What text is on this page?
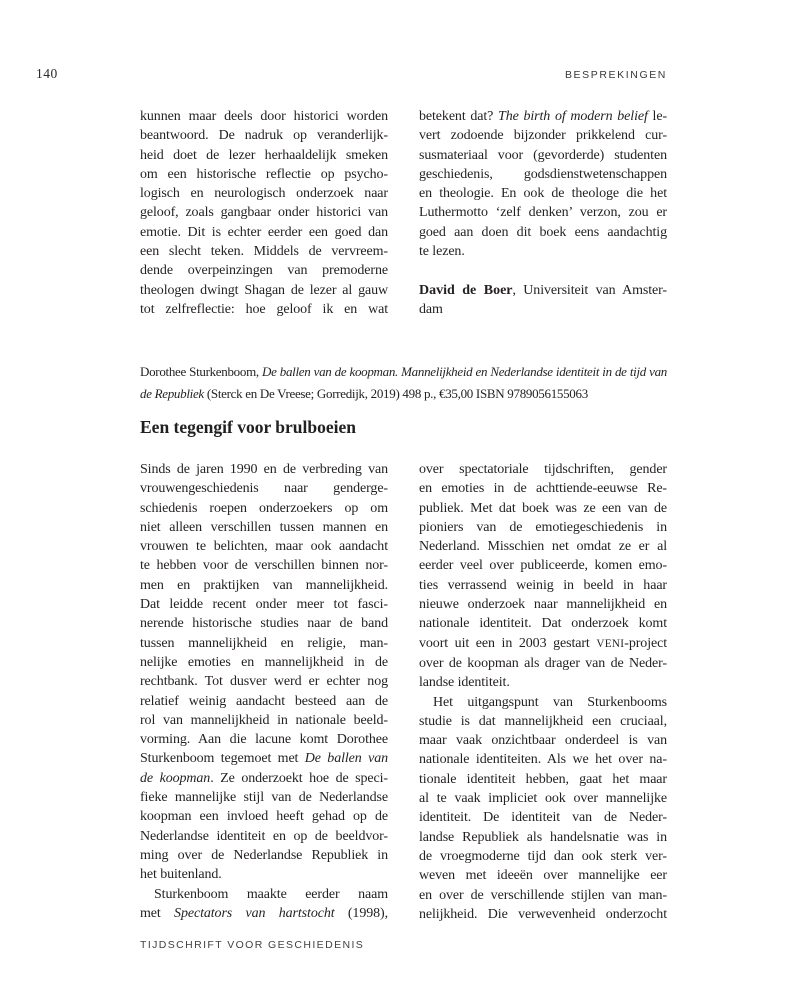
140	BESPREKINGEN
kunnen maar deels door historici worden
beantwoord. De nadruk op veranderlijk-
heid doet de lezer herhaaldelijk smeken
om een historische reflectie op psycho-
logisch en neurologisch onderzoek naar
geloof, zoals gangbaar onder historici van
emotie. Dit is echter eerder een goed dan
een slecht teken. Middels de vervreem-
dende overpeinzingen van premoderne
theologen dwingt Shagan de lezer al gauw
tot zelfreflectie: hoe geloof ik en wat
betekent dat? The birth of modern belief le-
vert zodoende bijzonder prikkelend cur-
susmateriaal voor (gevorderde) studenten
geschiedenis, godsdienstwetenschappen
en theologie. En ook de theologe die het
Luthermotto ‘zelf denken’ verzon, zou er
goed aan doen dit boek eens aandachtig
te lezen.
David de Boer, Universiteit van Amster-
dam
Dorothee Sturkenboom, De ballen van de koopman. Mannelijkheid en Nederlandse identiteit in de tijd van
de Republiek (Sterck en De Vreese; Gorredijk, 2019) 498 p., €35,00 ISBN 9789056155063
Een tegengif voor brulboeien
Sinds de jaren 1990 en de verbreding van
vrouwengeschiedenis naar genderge-
schiedenis roepen onderzoekers op om
niet alleen verschillen tussen mannen en
vrouwen te belichten, maar ook aandacht
te hebben voor de verschillen binnen nor-
men en praktijken van mannelijkheid.
Dat leidde recent onder meer tot fasci-
nerende historische studies naar de band
tussen mannelijkheid en religie, man-
nelijke emoties en mannelijkheid in de
rechtbank. Tot dusver werd er echter nog
relatief weinig aandacht besteed aan de
rol van mannelijkheid in nationale beeld-
vorming. Aan die lacune komt Dorothee
Sturkenboom tegemoet met De ballen van
de koopman. Ze onderzoekt hoe de speci-
fieke mannelijke stijl van de Nederlandse
koopman een invloed heeft gehad op de
Nederlandse identiteit en op de beeldvor-
ming over de Nederlandse Republiek in
het buitenland.
Sturkenboom maakte eerder naam
met Spectators van hartstocht (1998),
over spectatoriale tijdschriften, gender
en emoties in de achttiende-eeuwse Re-
publiek. Met dat boek was ze een van de
pioniers van de emotiegeschiedenis in
Nederland. Misschien net omdat ze er al
eerder veel over publiceerde, komen emo-
ties verrassend weinig in beeld in haar
nieuwe onderzoek naar mannelijkheid en
nationale identiteit. Dat onderzoek komt
voort uit een in 2003 gestart VENI-project
over de koopman als drager van de Neder-
landse identiteit.
Het uitgangspunt van Sturkenbooms
studie is dat mannelijkheid een cruciaal,
maar vaak onzichtbaar onderdeel is van
nationale identiteiten. Als we het over na-
tionale identiteit hebben, gaat het maar
al te vaak impliciet ook over mannelijke
identiteit. De identiteit van de Neder-
landse Republiek als handelsnatie was in
de vroegmoderne tijd dan ook sterk ver-
weven met ideeën over mannelijke eer
en over de verschillende stijlen van man-
nelijkheid. Die verwevenheid onderzocht
TIJDSCHRIFT VOOR GESCHIEDENIS
